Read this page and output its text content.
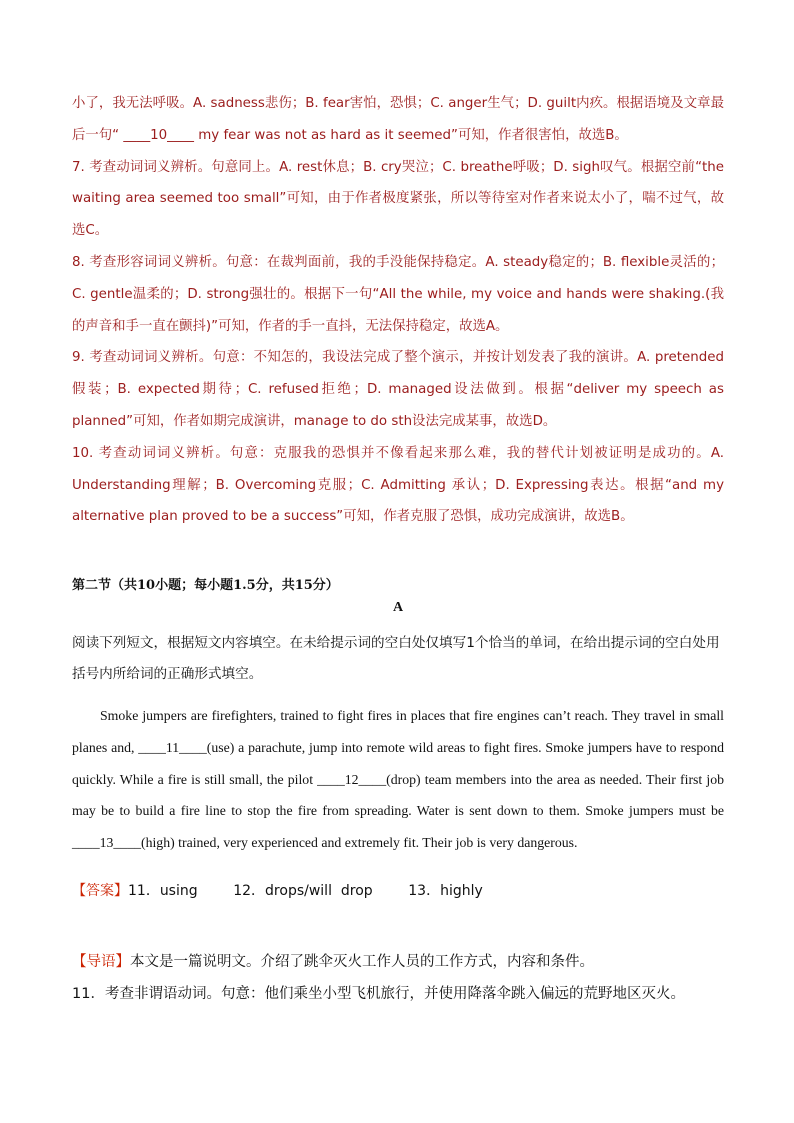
小了，我无法呼吸。A. sadness悲伤；B. fear害怕，恐惧；C. anger生气；D. guilt内疚。根据语境及文章最后一句“ ____10____ my fear was not as hard as it seemed”可知，作者很害怕，故选B。

7. 考查动词词义辨析。句意同上。A. rest休息；B. cry哭泣；C. breathe呼吸；D. sigh叹气。根据空前“the waiting area seemed too small”可知，由于作者极度紧张，所以等待室对作者来说太小了，喘不过气，故选C。

8. 考查形容词词义辨析。句意：在裁判面前，我的手没能保持稳定。A. steady稳定的；B. flexible灵活的；C. gentle温柔的；D. strong强壮的。根据下一句“All the while, my voice and hands were shaking.(我的声音和手一直在颤抖)”可知，作者的手一直抖，无法保持稳定，故选A。

9. 考查动词词义辨析。句意：不知怎的，我设法完成了整个演示，并按计划发表了我的演讲。A. pretended假装；B. expected期待；C. refused拒绝；D. managed设法做到。根据“deliver my speech as planned”可知，作者如期完成演讲，manage to do sth设法完成某事，故选D。

10. 考查动词词义辨析。句意：克服我的恐惧并不像看起来那么难，我的替代计划被证明是成功的。A. Understanding理解；B. Overcoming克服；C. Admitting 承认；D. Expressing表达。根据“and my alternative plan proved to be a success”可知，作者克服了恐惧，成功完成演讲，故选B。

第二节（共10小题；每小题1.5分，共15分）

A

阅读下列短文，根据短文内容填空。在未给提示词的空白处仅填写1个恰当的单词，在给出提示词的空白处用括号内所给词的正确形式填空。

Smoke jumpers are firefighters, trained to fight fires in places that fire engines can’t reach. They travel in small planes and, ____11____(use) a parachute, jump into remote wild areas to fight fires. Smoke jumpers have to respond quickly. While a fire is still small, the pilot ____12____(drop) team members into the area as needed. Their first job may be to build a fire line to stop the fire from spreading. Water is sent down to them. Smoke jumpers must be ____13____(high) trained, very experienced and extremely fit. Their job is very dangerous.

【答案】11．using        12．drops/will  drop        13．highly

【导语】本文是一篇说明文。介绍了跳伞灭火工作人员的工作方式，内容和条件。
11．考查非谓语动词。句意：他们乘坐小型飞机旅行，并使用降落伞跳入偏远的荒野地区灭火。
